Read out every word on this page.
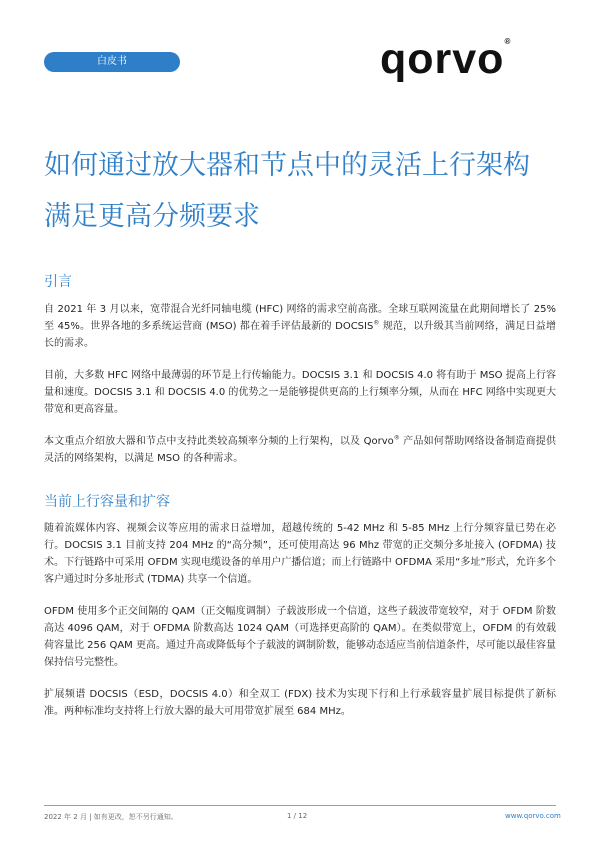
白皮书	qorvo®
如何通过放大器和节点中的灵活上行架构
满足更高分频要求
引言

自 2021 年 3 月以来，宽带混合光纤同轴电缆 (HFC) 网络的需求空前高涨。全球互联网流量在此期间增长了 25% 至 45%。世界各地的多系统运营商 (MSO) 都在着手评估最新的 DOCSIS® 规范，以升级其当前网络，满足日益增长的需求。

目前，大多数 HFC 网络中最薄弱的环节是上行传输能力。DOCSIS 3.1 和 DOCSIS 4.0 将有助于 MSO 提高上行容量和速度。DOCSIS 3.1 和 DOCSIS 4.0 的优势之一是能够提供更高的上行频率分频，从而在 HFC 网络中实现更大带宽和更高容量。

本文重点介绍放大器和节点中支持此类较高频率分频的上行架构，以及 Qorvo® 产品如何帮助网络设备制造商提供灵活的网络架构，以满足 MSO 的各种需求。

当前上行容量和扩容

随着流媒体内容、视频会议等应用的需求日益增加，超越传统的 5-42 MHz 和 5-85 MHz 上行分频容量已势在必行。DOCSIS 3.1 目前支持 204 MHz 的“高分频”，还可使用高达 96 Mhz 带宽的正交频分多址接入 (OFDMA) 技术。下行链路中可采用 OFDM 实现电缆设备的单用户广播信道；而上行链路中 OFDMA 采用“多址”形式，允许多个客户通过时分多址形式 (TDMA) 共享一个信道。

OFDM 使用多个正交间隔的 QAM（正交幅度调制）子载波形成一个信道，这些子载波带宽较窄，对于 OFDM 阶数高达 4096 QAM，对于 OFDMA 阶数高达 1024 QAM（可选择更高阶的 QAM）。在类似带宽上，OFDM 的有效载荷容量比 256 QAM 更高。通过升高或降低每个子载波的调制阶数，能够动态适应当前信道条件，尽可能以最佳容量保持信号完整性。

扩展频谱 DOCSIS（ESD，DOCSIS 4.0）和全双工 (FDX) 技术为实现下行和上行承载容量扩展目标提供了新标准。两种标准均支持将上行放大器的最大可用带宽扩展至 684 MHz。

2022 年 2 月 | 如有更改，恕不另行通知。	1 / 12	www.qorvo.com
